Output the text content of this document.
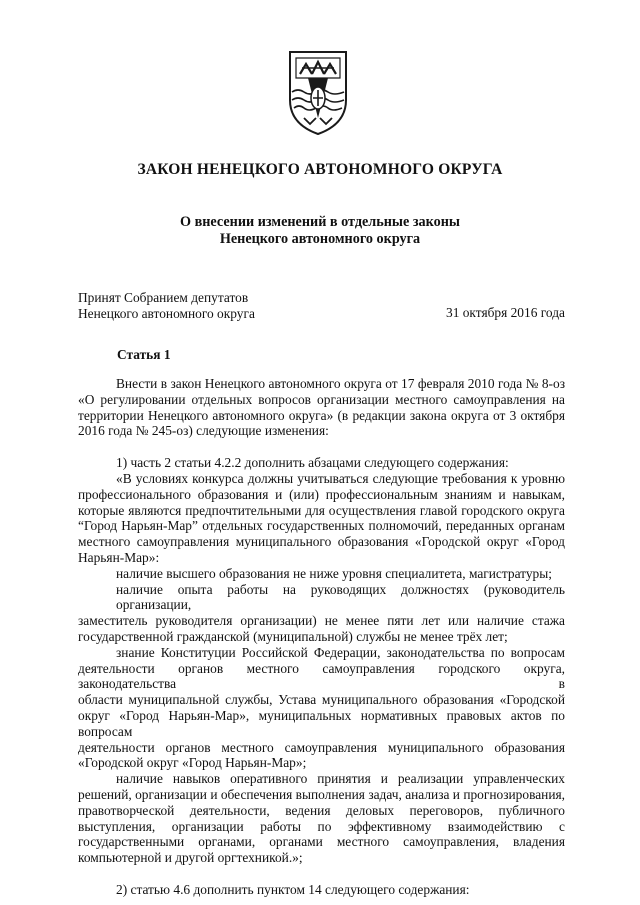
ЗАКОН НЕНЕЦКОГО АВТОНОМНОГО ОКРУГА
О внесении изменений в отдельные законы
Ненецкого автономного округа
Принят Собранием депутатов
Ненецкого автономного округа	31 октября 2016 года
Статья 1
Внести в закон Ненецкого автономного округа от 17 февраля 2010 года № 8-оз
«О регулировании отдельных вопросов организации местного самоуправления на
территории Ненецкого автономного округа» (в редакции закона округа от 3 октября
2016 года № 245-оз) следующие изменения:
1) часть 2 статьи 4.2.2 дополнить абзацами следующего содержания:
«В условиях конкурса должны учитываться следующие требования к уровню
профессионального образования и (или) профессиональным знаниям и навыкам,
которые являются предпочтительными для осуществления главой городского округа
“Город Нарьян-Мар” отдельных государственных полномочий, переданных органам
местного самоуправления муниципального образования «Городской округ «Город
Нарьян-Мар»:
наличие высшего образования не ниже уровня специалитета, магистратуры;
наличие опыта работы на руководящих должностях (руководитель организации,
заместитель руководителя организации) не менее пяти лет или наличие стажа
государственной гражданской (муниципальной) службы не менее трёх лет;
знание Конституции Российской Федерации, законодательства по вопросам
деятельности органов местного самоуправления городского округа, законодательства в
области муниципальной службы, Устава муниципального образования «Городской
округ «Город Нарьян-Мар», муниципальных нормативных правовых актов по вопросам
деятельности органов местного самоуправления муниципального образования
«Городской округ «Город Нарьян-Мар»;
наличие навыков оперативного принятия и реализации управленческих
решений, организации и обеспечения выполнения задач, анализа и прогнозирования,
правотворческой деятельности, ведения деловых переговоров, публичного
выступления, организации работы по эффективному взаимодействию с
государственными органами, органами местного самоуправления, владения
компьютерной и другой оргтехникой.»;
2) статью 4.6 дополнить пунктом 14 следующего содержания:
